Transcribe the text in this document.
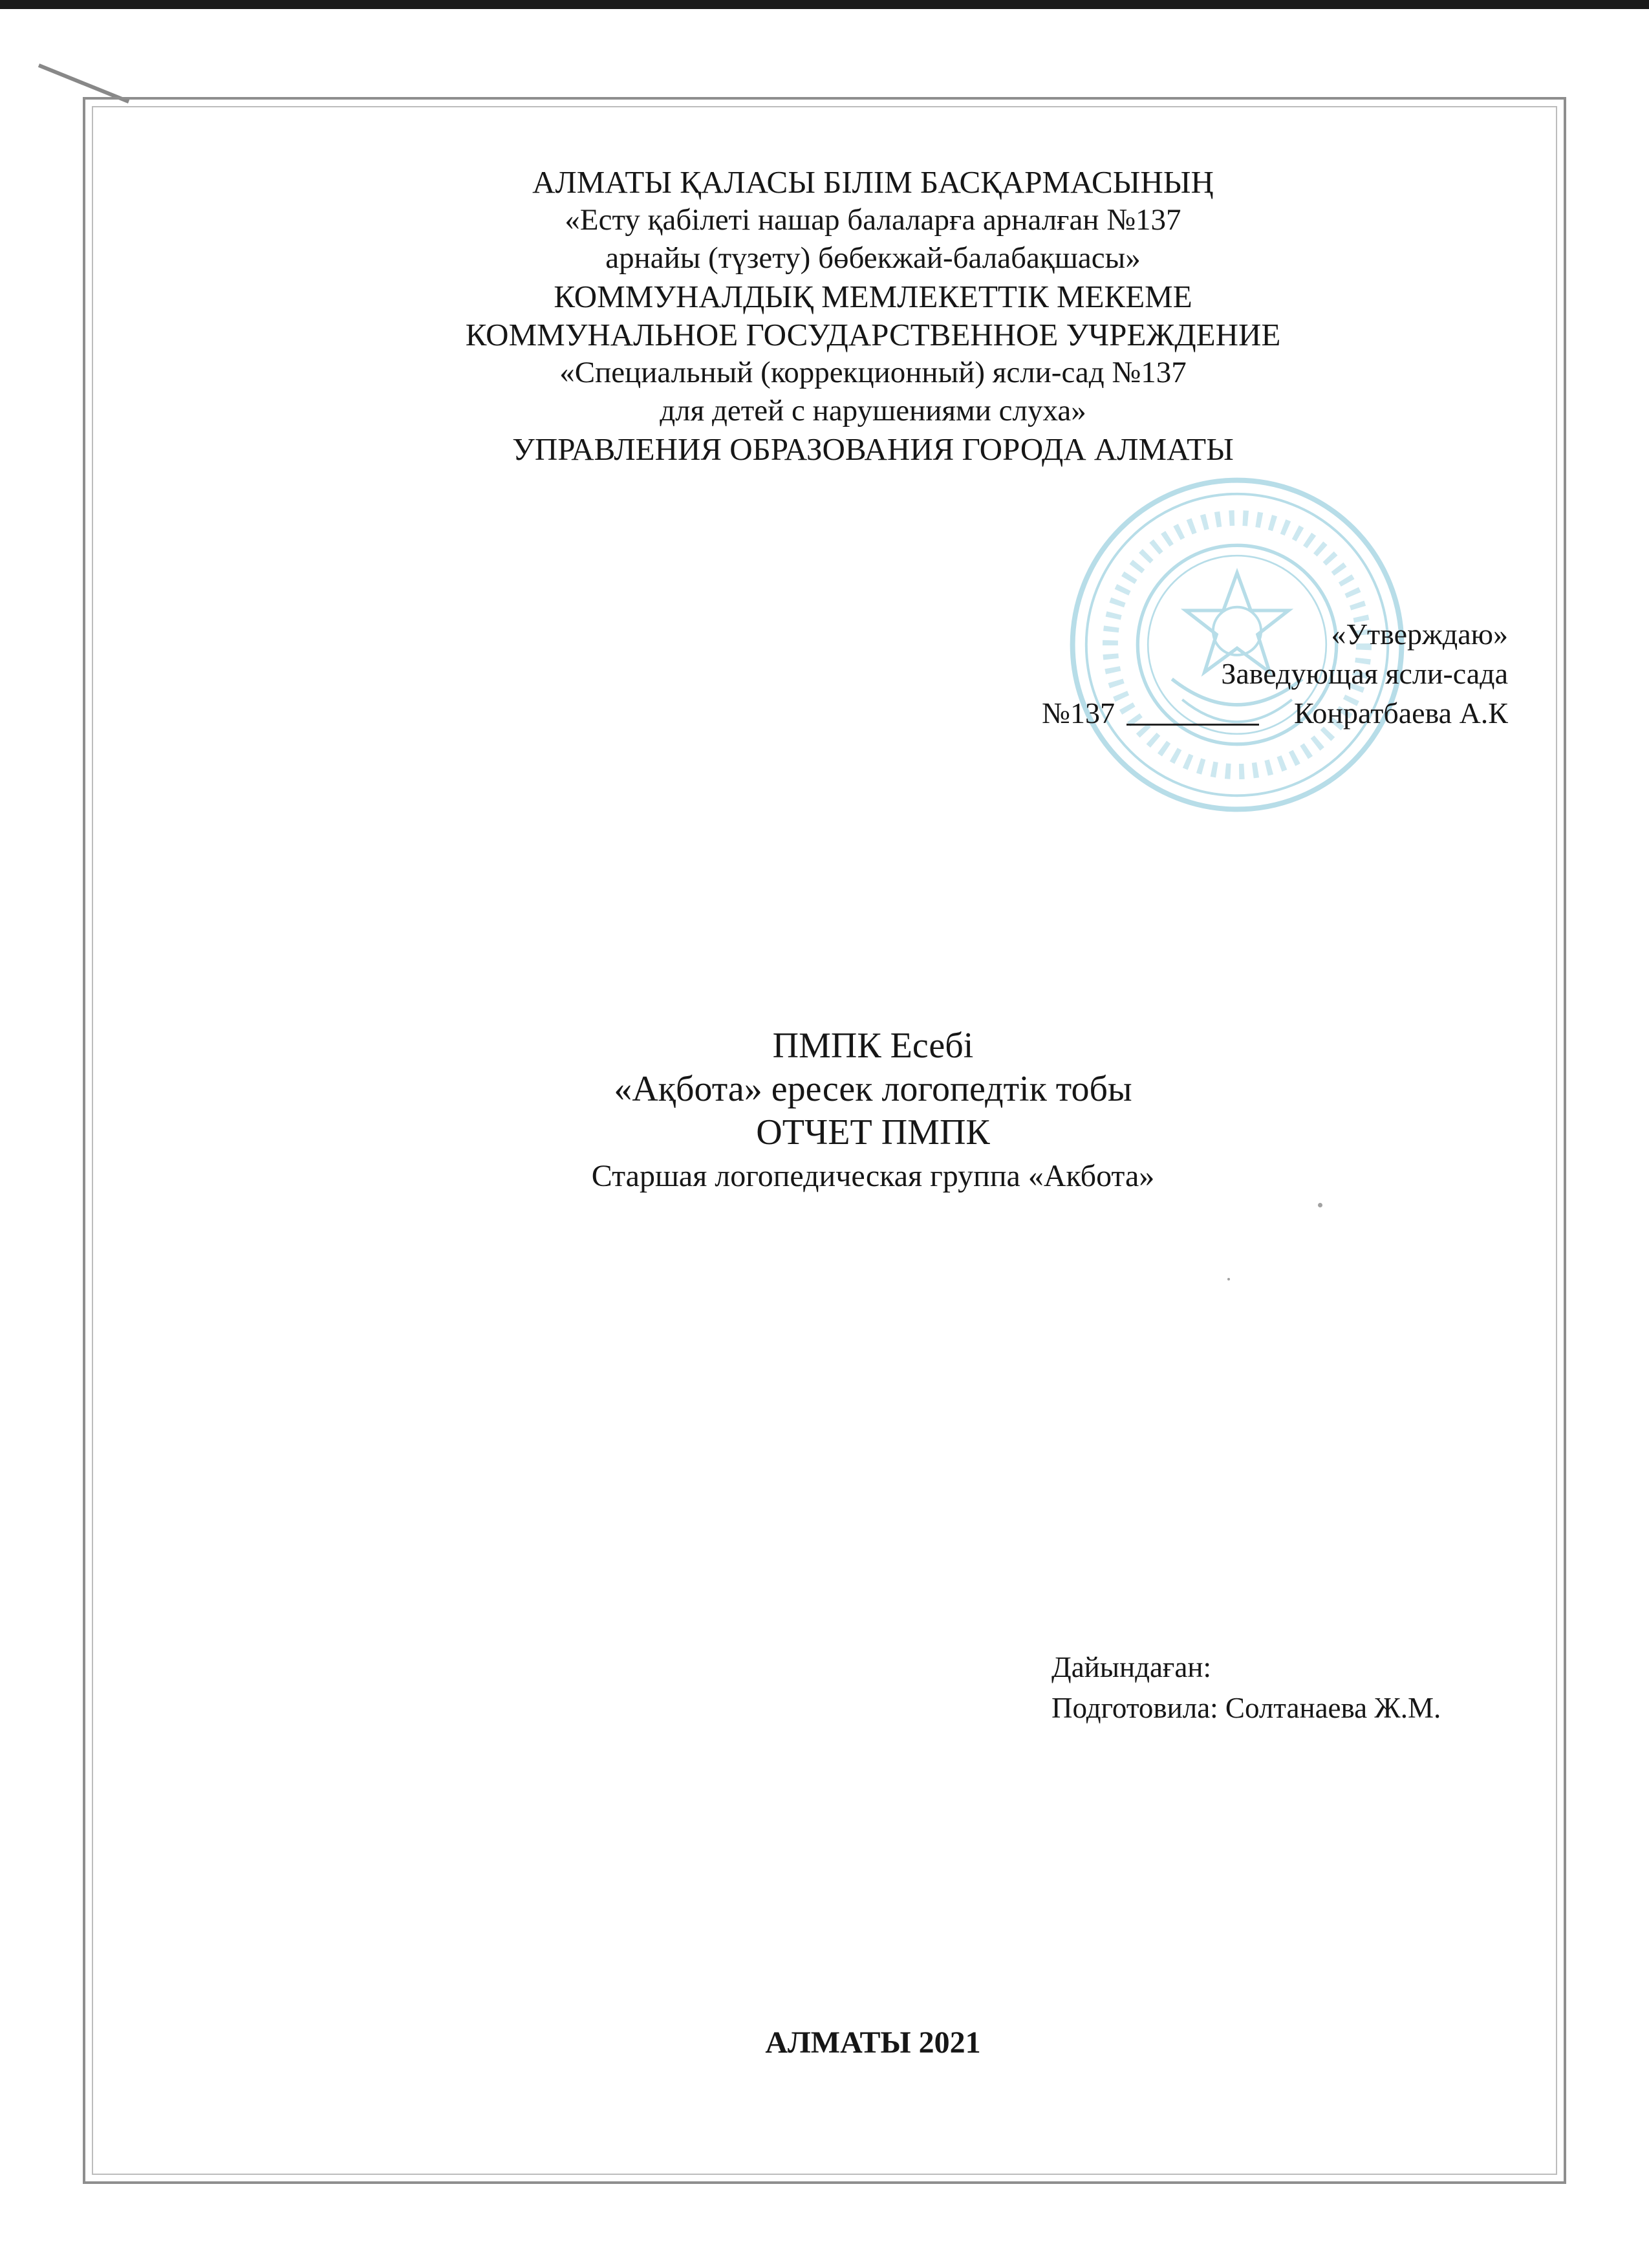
АЛМАТЫ ҚАЛАСЫ БІЛІМ БАСҚАРМАСЫНЫҢ
«Есту қабілеті нашар балаларға арналған №137
арнайы (түзету) бөбекжай-балабақшасы»
КОММУНАЛДЫҚ МЕМЛЕКЕТТІК МЕКЕМЕ
КОММУНАЛЬНОЕ ГОСУДАРСТВЕННОЕ УЧРЕЖДЕНИЕ
«Специальный (коррекционный) ясли-сад №137
для детей с нарушениями слуха»
УПРАВЛЕНИЯ ОБРАЗОВАНИЯ ГОРОДА АЛМАТЫ
«Утверждаю»
Заведующая ясли-сада
№137	Конратбаева А.К
ПМПК Есебі
«Ақбота» ересек логопедтік тобы
ОТЧЕТ ПМПК
Старшая логопедическая группа «Акбота»
Дайындаған:
Подготовила: Солтанаева Ж.М.
АЛМАТЫ 2021
